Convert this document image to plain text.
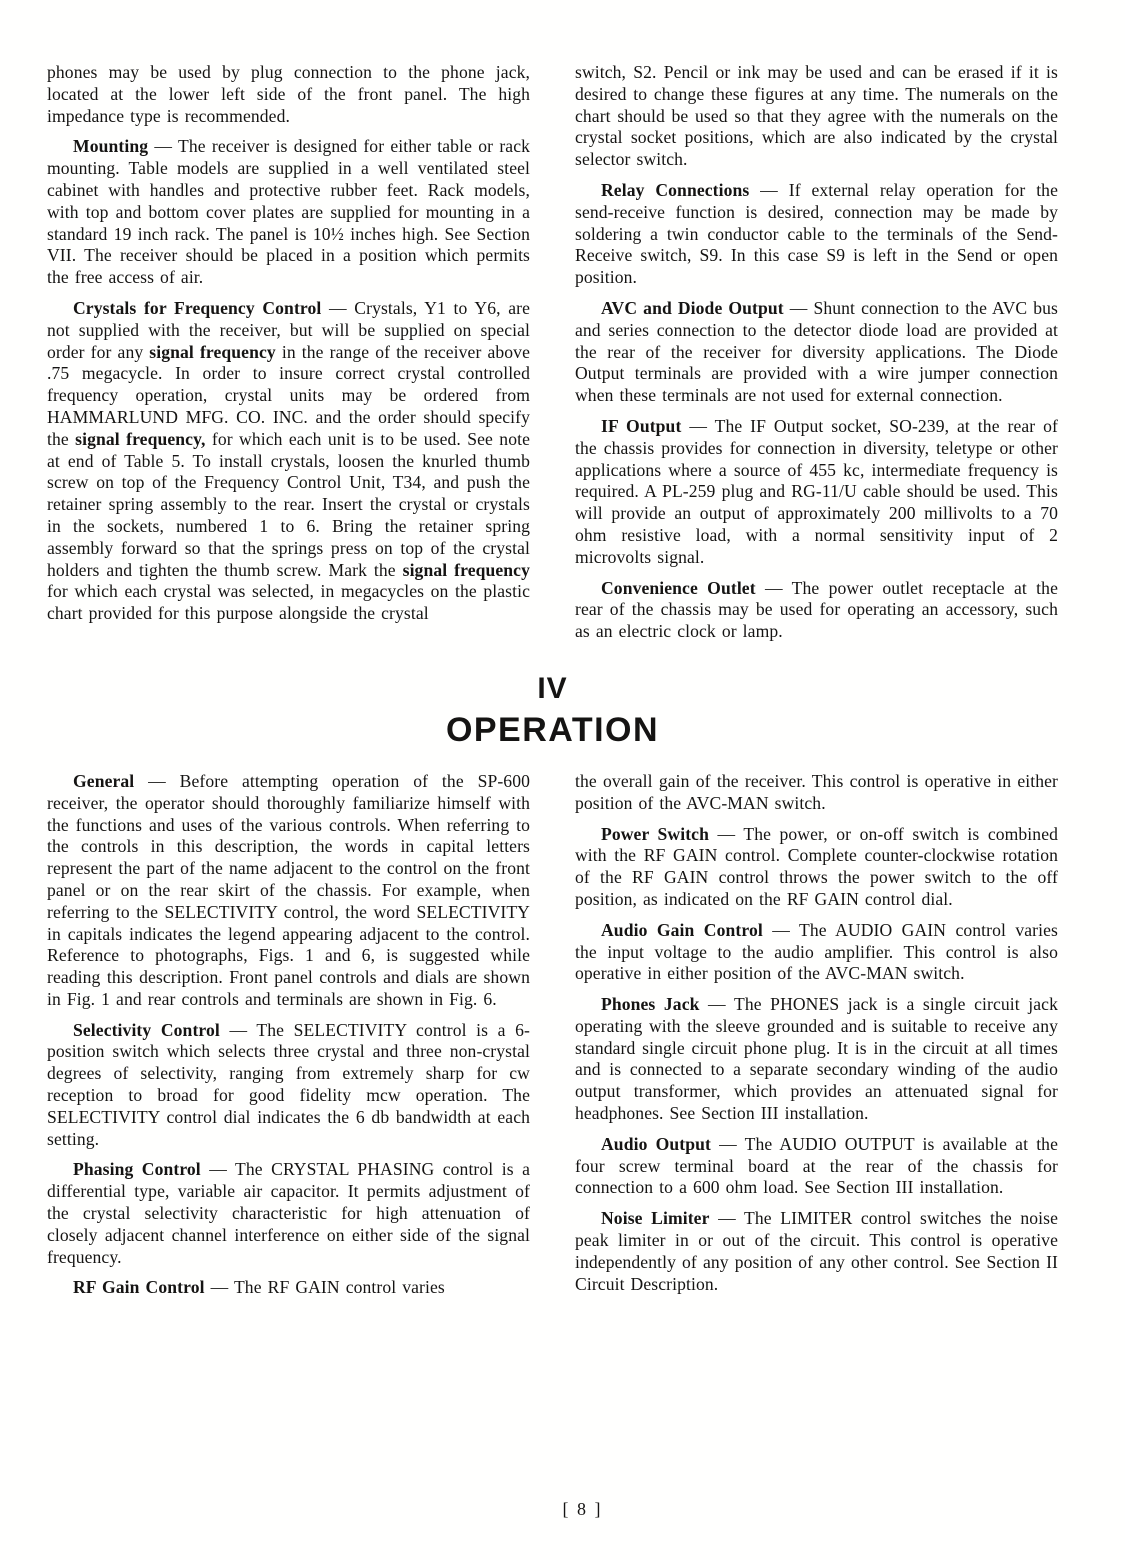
phones may be used by plug connection to the phone jack, located at the lower left side of the front panel. The high impedance type is recommended.

Mounting — The receiver is designed for either table or rack mounting. Table models are supplied in a well ventilated steel cabinet with handles and protective rubber feet. Rack models, with top and bottom cover plates are supplied for mounting in a standard 19 inch rack. The panel is 10½ inches high. See Section VII. The receiver should be placed in a position which permits the free access of air.

Crystals for Frequency Control — Crystals, Y1 to Y6, are not supplied with the receiver, but will be supplied on special order for any signal frequency in the range of the receiver above .75 megacycle. In order to insure correct crystal controlled frequency operation, crystal units may be ordered from HAMMARLUND MFG. CO. INC. and the order should specify the signal frequency, for which each unit is to be used. See note at end of Table 5. To install crystals, loosen the knurled thumb screw on top of the Frequency Control Unit, T34, and push the retainer spring assembly to the rear. Insert the crystal or crystals in the sockets, numbered 1 to 6. Bring the retainer spring assembly forward so that the springs press on top of the crystal holders and tighten the thumb screw. Mark the signal frequency for which each crystal was selected, in megacycles on the plastic chart provided for this purpose alongside the crystal

switch, S2. Pencil or ink may be used and can be erased if it is desired to change these figures at any time. The numerals on the chart should be used so that they agree with the numerals on the crystal socket positions, which are also indicated by the crystal selector switch.

Relay Connections — If external relay operation for the send-receive function is desired, connection may be made by soldering a twin conductor cable to the terminals of the Send-Receive switch, S9. In this case S9 is left in the Send or open position.

AVC and Diode Output — Shunt connection to the AVC bus and series connection to the detector diode load are provided at the rear of the receiver for diversity applications. The Diode Output terminals are provided with a wire jumper connection when these terminals are not used for external connection.

IF Output — The IF Output socket, SO-239, at the rear of the chassis provides for connection in diversity, teletype or other applications where a source of 455 kc, intermediate frequency is required. A PL-259 plug and RG-11/U cable should be used. This will provide an output of approximately 200 millivolts to a 70 ohm resistive load, with a normal sensitivity input of 2 microvolts signal.

Convenience Outlet — The power outlet receptacle at the rear of the chassis may be used for operating an accessory, such as an electric clock or lamp.

IV
OPERATION

General — Before attempting operation of the SP-600 receiver, the operator should thoroughly familiarize himself with the functions and uses of the various controls. When referring to the controls in this description, the words in capital letters represent the part of the name adjacent to the control on the front panel or on the rear skirt of the chassis. For example, when referring to the SELECTIVITY control, the word SELECTIVITY in capitals indicates the legend appearing adjacent to the control. Reference to photographs, Figs. 1 and 6, is suggested while reading this description. Front panel controls and dials are shown in Fig. 1 and rear controls and terminals are shown in Fig. 6.

Selectivity Control — The SELECTIVITY control is a 6-position switch which selects three crystal and three non-crystal degrees of selectivity, ranging from extremely sharp for cw reception to broad for good fidelity mcw operation. The SELECTIVITY control dial indicates the 6 db bandwidth at each setting.

Phasing Control — The CRYSTAL PHASING control is a differential type, variable air capacitor. It permits adjustment of the crystal selectivity characteristic for high attenuation of closely adjacent channel interference on either side of the signal frequency.

RF Gain Control — The RF GAIN control varies

the overall gain of the receiver. This control is operative in either position of the AVC-MAN switch.

Power Switch — The power, or on-off switch is combined with the RF GAIN control. Complete counter-clockwise rotation of the RF GAIN control throws the power switch to the off position, as indicated on the RF GAIN control dial.

Audio Gain Control — The AUDIO GAIN control varies the input voltage to the audio amplifier. This control is also operative in either position of the AVC-MAN switch.

Phones Jack — The PHONES jack is a single circuit jack operating with the sleeve grounded and is suitable to receive any standard single circuit phone plug. It is in the circuit at all times and is connected to a separate secondary winding of the audio output transformer, which provides an attenuated signal for headphones. See Section III installation.

Audio Output — The AUDIO OUTPUT is available at the four screw terminal board at the rear of the chassis for connection to a 600 ohm load. See Section III installation.

Noise Limiter — The LIMITER control switches the noise peak limiter in or out of the circuit. This control is operative independently of any position of any other control. See Section II Circuit Description.

[ 8 ]
